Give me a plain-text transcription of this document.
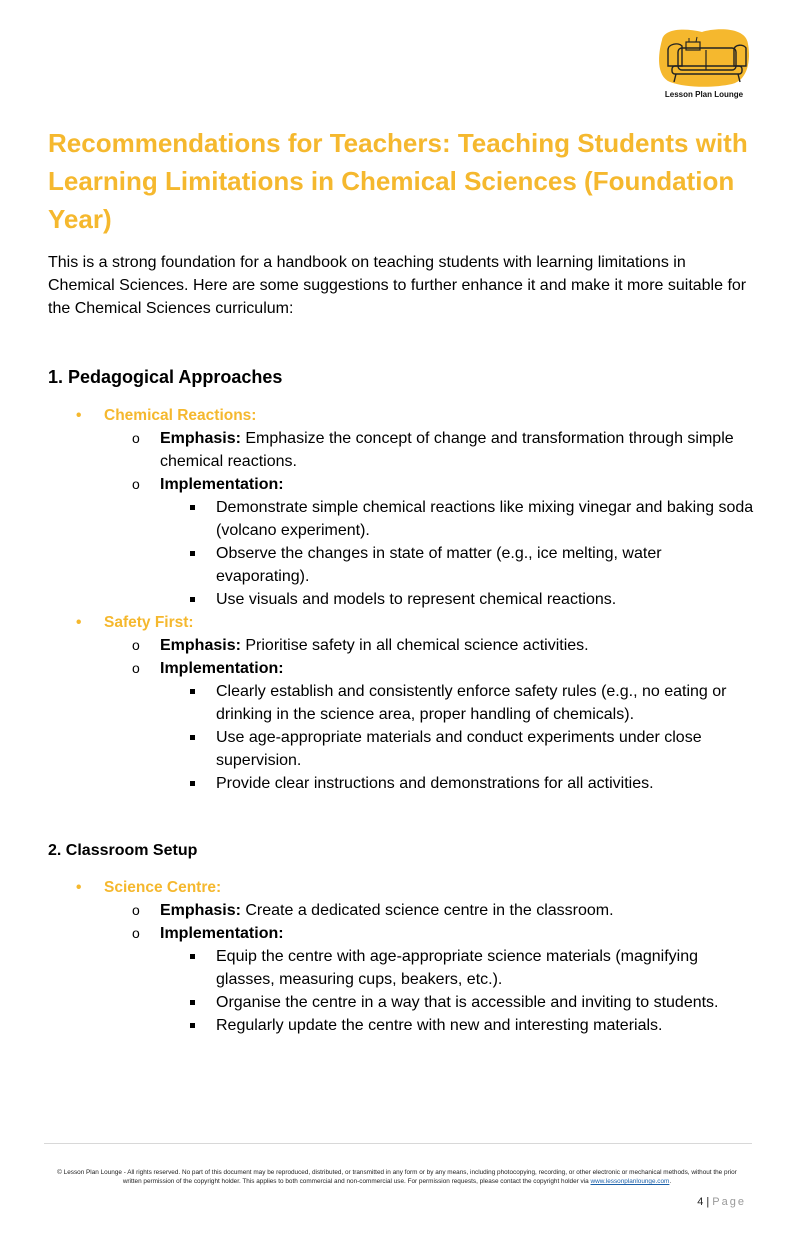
Lesson Plan Lounge
Recommendations for Teachers: Teaching Students with Learning Limitations in Chemical Sciences (Foundation Year)

This is a strong foundation for a handbook on teaching students with learning limitations in Chemical Sciences. Here are some suggestions to further enhance it and make it more suitable for the Chemical Sciences curriculum:

1. Pedagogical Approaches
• Chemical Reactions:
o Emphasis: Emphasize the concept of change and transformation through simple chemical reactions.
o Implementation:
Demonstrate simple chemical reactions like mixing vinegar and baking soda (volcano experiment).
Observe the changes in state of matter (e.g., ice melting, water evaporating).
Use visuals and models to represent chemical reactions.
• Safety First:
o Emphasis: Prioritise safety in all chemical science activities.
o Implementation:
Clearly establish and consistently enforce safety rules (e.g., no eating or drinking in the science area, proper handling of chemicals).
Use age-appropriate materials and conduct experiments under close supervision.
Provide clear instructions and demonstrations for all activities.
2. Classroom Setup
• Science Centre:
o Emphasis: Create a dedicated science centre in the classroom.
o Implementation:
Equip the centre with age-appropriate science materials (magnifying glasses, measuring cups, beakers, etc.).
Organise the centre in a way that is accessible and inviting to students.
Regularly update the centre with new and interesting materials.
© Lesson Plan Lounge - All rights reserved. No part of this document may be reproduced, distributed, or transmitted in any form or by any means, including photocopying, recording, or other electronic or mechanical methods, without the prior written permission of the copyright holder. This applies to both commercial and non-commercial use. For permission requests, please contact the copyright holder via www.lessonplanlounge.com.
4 | Page
